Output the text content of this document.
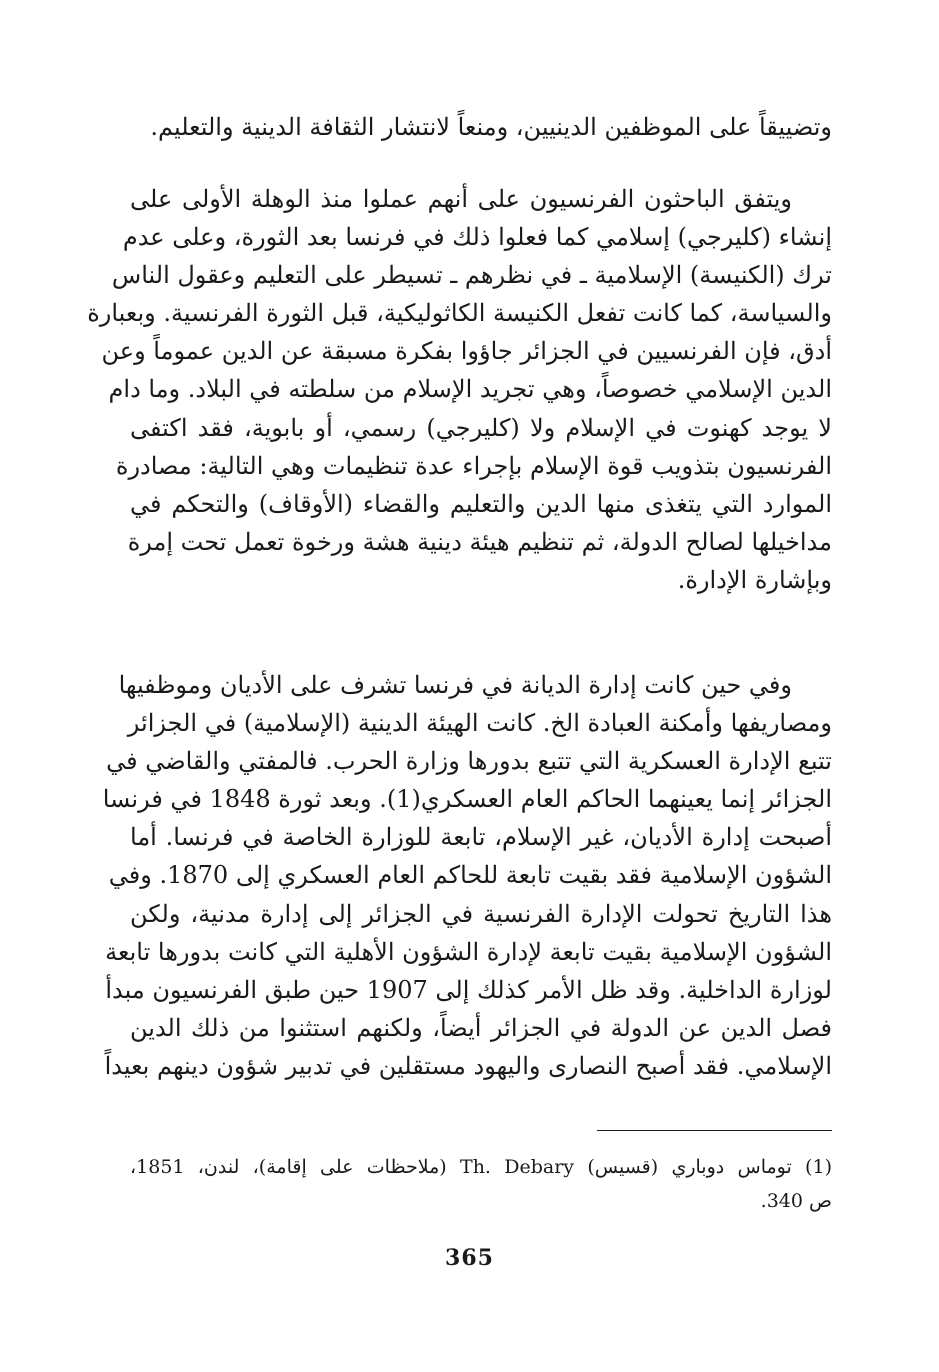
وتضييقاً على الموظفين الدينيين، ومنعاً لانتشار الثقافة الدينية والتعليم.
ويتفق الباحثون الفرنسيون على أنهم عملوا منذ الوهلة الأولى على
إنشاء (كليرجي) إسلامي كما فعلوا ذلك في فرنسا بعد الثورة، وعلى عدم
ترك (الكنيسة) الإسلامية ـ في نظرهم ـ تسيطر على التعليم وعقول الناس
والسياسة، كما كانت تفعل الكنيسة الكاثوليكية، قبل الثورة الفرنسية. وبعبارة
أدق، فإن الفرنسيين في الجزائر جاؤوا بفكرة مسبقة عن الدين عموماً وعن
الدين الإسلامي خصوصاً، وهي تجريد الإسلام من سلطته في البلاد. وما دام
لا يوجد كهنوت في الإسلام ولا (كليرجي) رسمي، أو بابوية، فقد اكتفى
الفرنسيون بتذويب قوة الإسلام بإجراء عدة تنظيمات وهي التالية: مصادرة
الموارد التي يتغذى منها الدين والتعليم والقضاء (الأوقاف) والتحكم في
مداخيلها لصالح الدولة، ثم تنظيم هيئة دينية هشة ورخوة تعمل تحت إمرة
وبإشارة الإدارة.
وفي حين كانت إدارة الديانة في فرنسا تشرف على الأديان وموظفيها
ومصاريفها وأمكنة العبادة الخ. كانت الهيئة الدينية (الإسلامية) في الجزائر
تتبع الإدارة العسكرية التي تتبع بدورها وزارة الحرب. فالمفتي والقاضي في
الجزائر إنما يعينهما الحاكم العام العسكري(1). وبعد ثورة 1848 في فرنسا
أصبحت إدارة الأديان، غير الإسلام، تابعة للوزارة الخاصة في فرنسا. أما
الشؤون الإسلامية فقد بقيت تابعة للحاكم العام العسكري إلى 1870. وفي
هذا التاريخ تحولت الإدارة الفرنسية في الجزائر إلى إدارة مدنية، ولكن
الشؤون الإسلامية بقيت تابعة لإدارة الشؤون الأهلية التي كانت بدورها تابعة
لوزارة الداخلية. وقد ظل الأمر كذلك إلى 1907 حين طبق الفرنسيون مبدأ
فصل الدين عن الدولة في الجزائر أيضاً، ولكنهم استثنوا من ذلك الدين
الإسلامي. فقد أصبح النصارى واليهود مستقلين في تدبير شؤون دينهم بعيداً
(1) توماس دوباري (قسيس) Th. Debary (ملاحظات على إقامة)، لندن، 1851،
ص 340.
365
